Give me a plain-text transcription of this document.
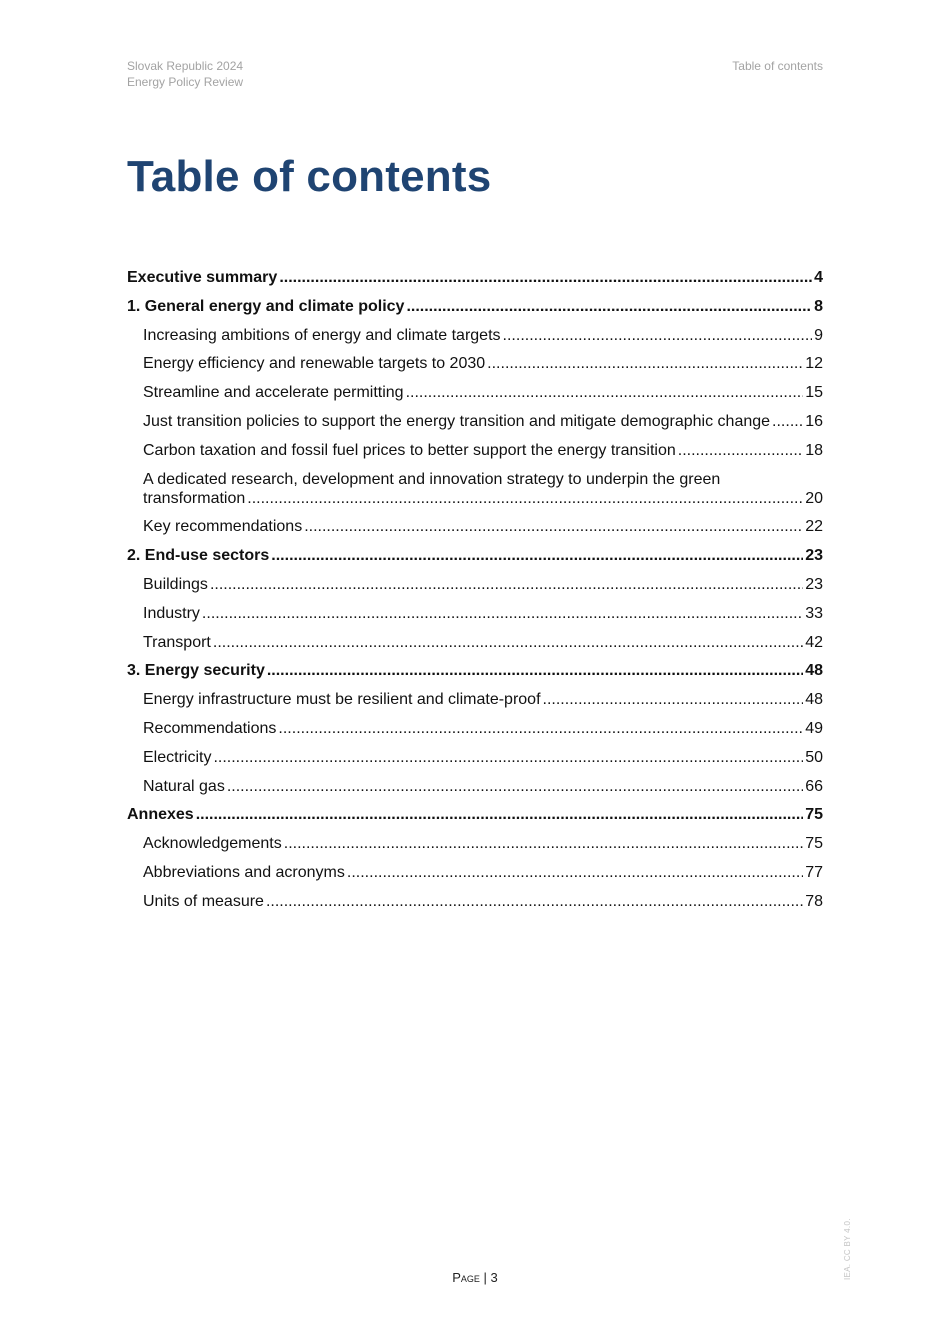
Slovak Republic 2024
Energy Policy Review
Table of contents
Table of contents
Executive summary .....	4
1. General energy and climate policy .....	8
Increasing ambitions of energy and climate targets .....	9
Energy efficiency and renewable targets to 2030 .....	12
Streamline and accelerate permitting .....	15
Just transition policies to support the energy transition and mitigate demographic change ..... 16
Carbon taxation and fossil fuel prices to better support the energy transition .....	18
A dedicated research, development and innovation strategy to underpin the green
transformation .....	20
Key recommendations .....	22
2. End-use sectors .....	23
Buildings .....	23
Industry .....	33
Transport .....	42
3. Energy security .....	48
Energy infrastructure must be resilient and climate-proof .....	48
Recommendations .....	49
Electricity .....	50
Natural gas .....	66
Annexes .....	75
Acknowledgements .....	75
Abbreviations and acronyms .....	77
Units of measure .....	78
Page | 3	IEA. CC BY 4.0.
